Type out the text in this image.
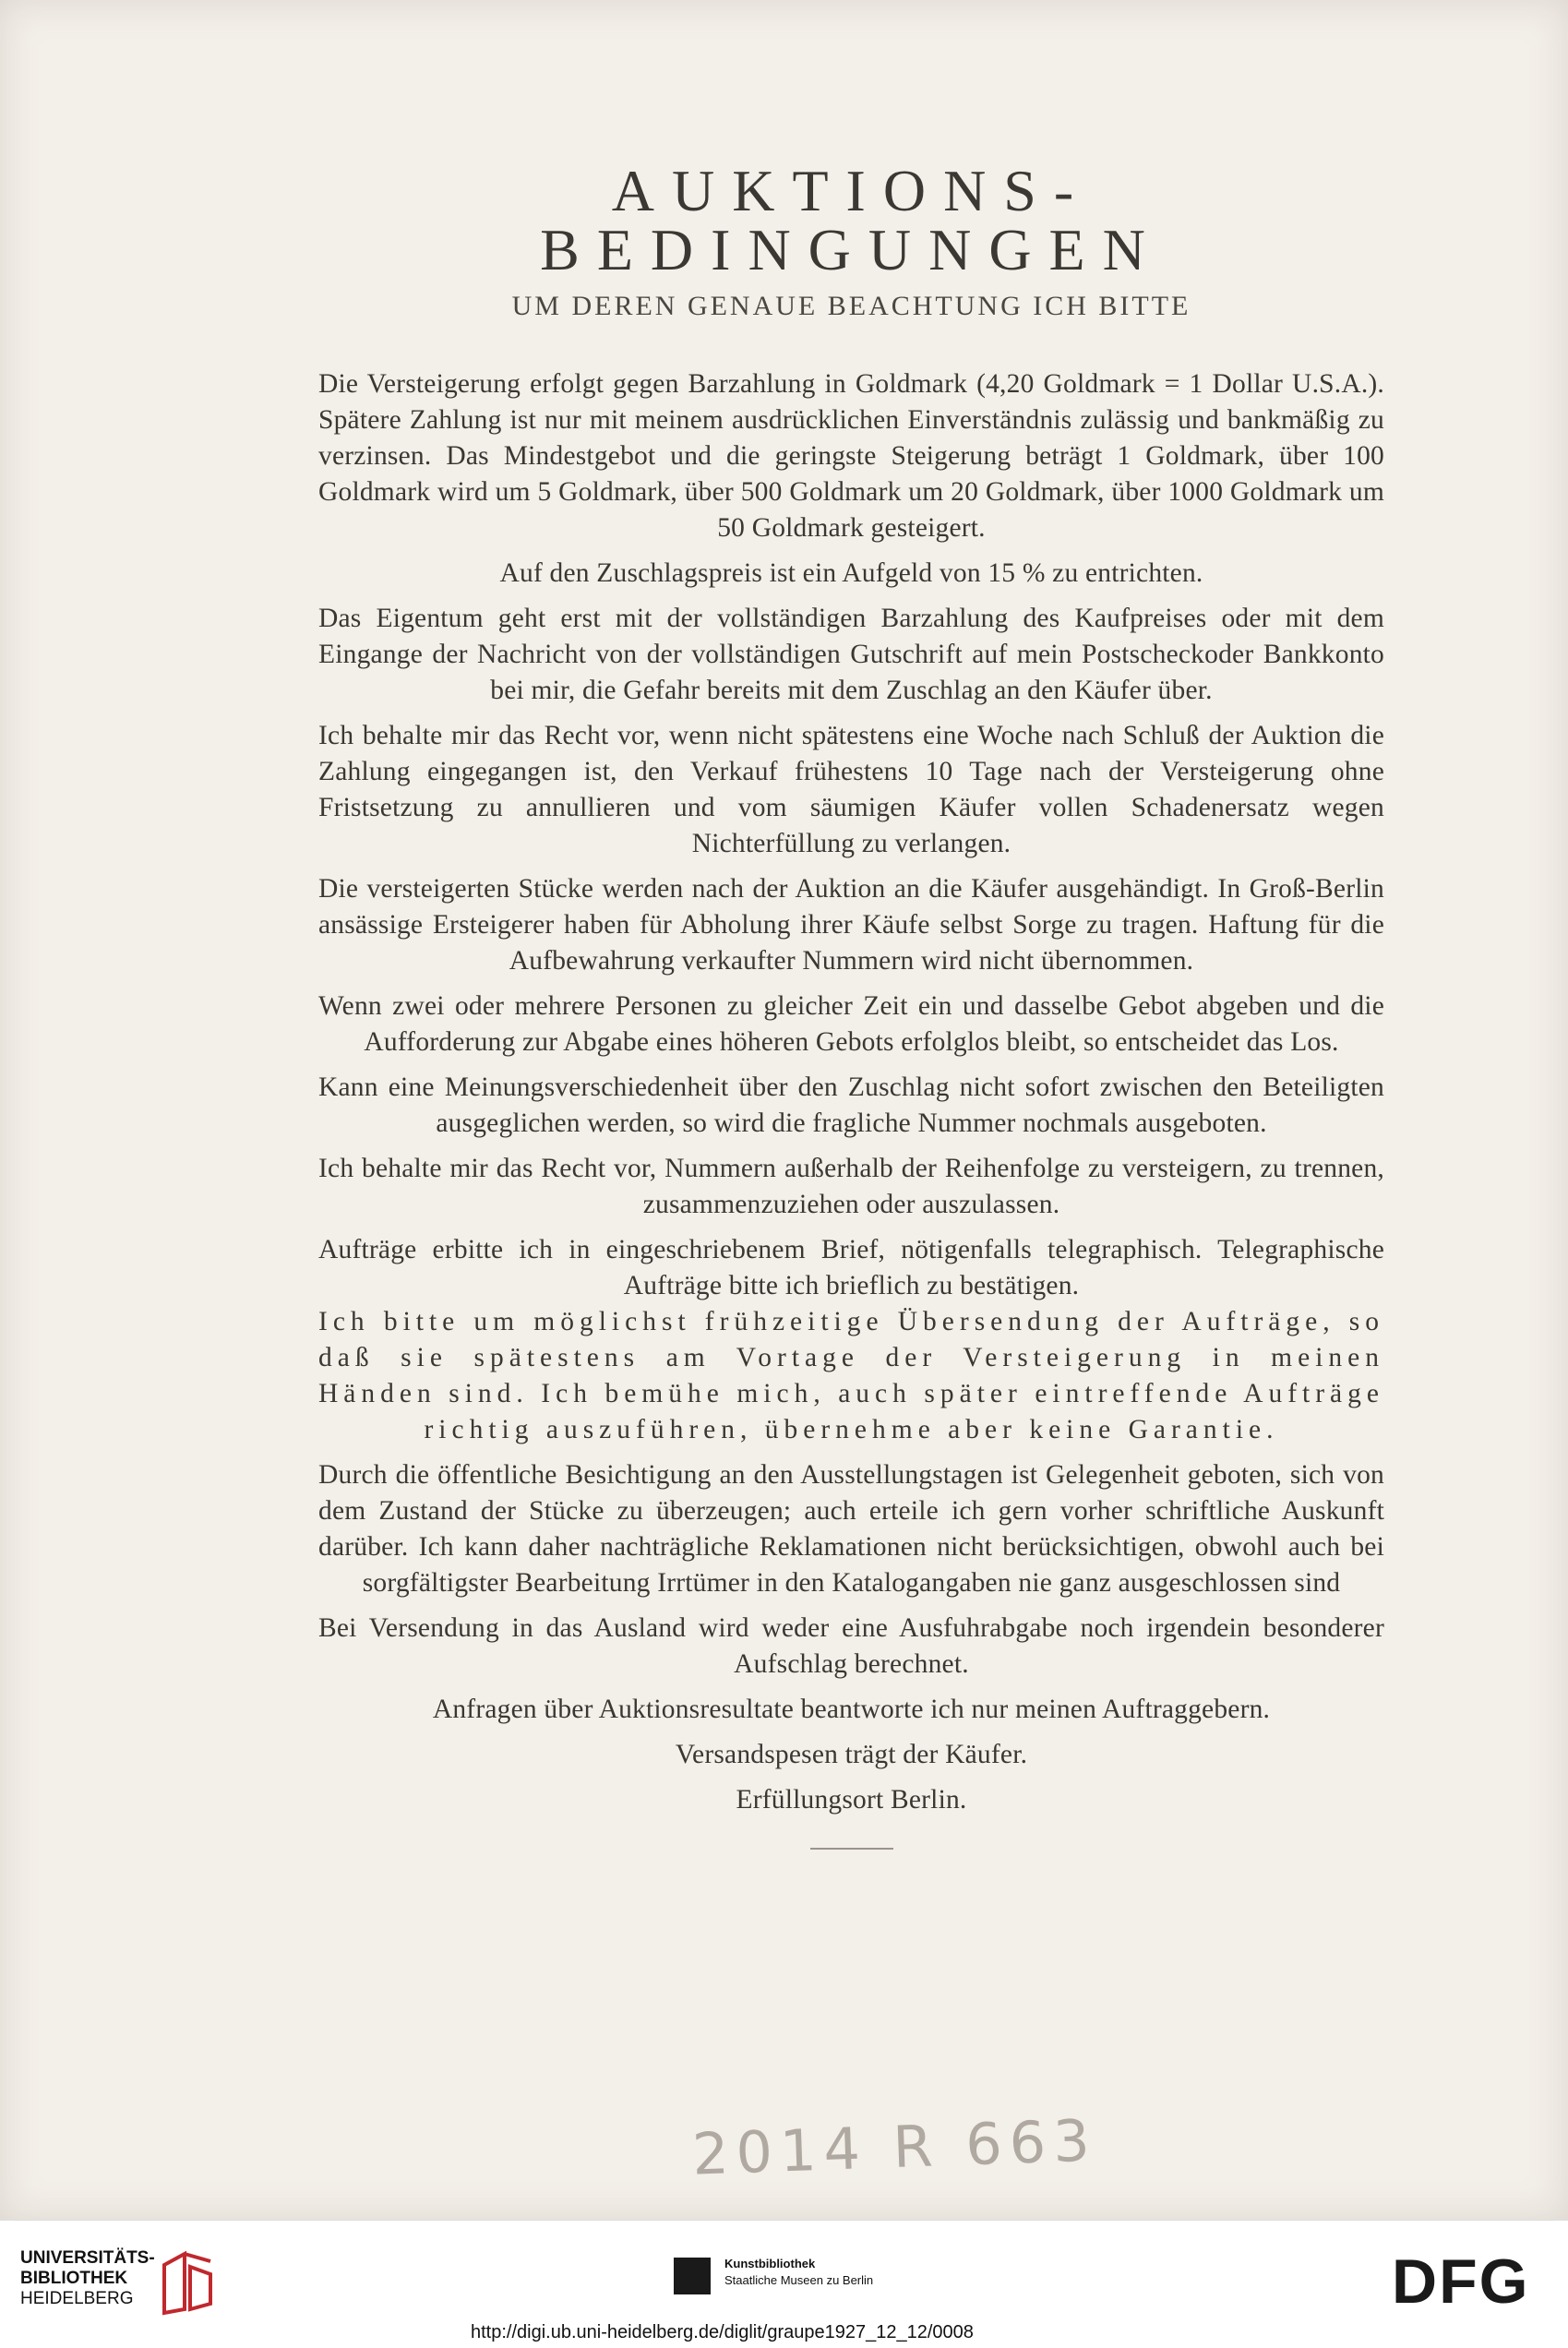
AUKTIONS-BEDINGUNGEN
UM DEREN GENAUE BEACHTUNG ICH BITTE

Die Versteigerung erfolgt gegen Barzahlung in Goldmark (4,20 Goldmark = 1 Dollar U.S.A.). Spätere Zahlung ist nur mit meinem ausdrücklichen Einverständnis zulässig und bankmäßig zu verzinsen. Das Mindestgebot und die geringste Steigerung beträgt 1 Goldmark, über 100 Goldmark wird um 5 Goldmark, über 500 Goldmark um 20 Goldmark, über 1000 Goldmark um 50 Goldmark gesteigert.

Auf den Zuschlagspreis ist ein Aufgeld von 15 % zu entrichten.

Das Eigentum geht erst mit der vollständigen Barzahlung des Kaufpreises oder mit dem Eingange der Nachricht von der vollständigen Gutschrift auf mein Postscheckoder Bankkonto bei mir, die Gefahr bereits mit dem Zuschlag an den Käufer über.

Ich behalte mir das Recht vor, wenn nicht spätestens eine Woche nach Schluß der Auktion die Zahlung eingegangen ist, den Verkauf frühestens 10 Tage nach der Versteigerung ohne Fristsetzung zu annullieren und vom säumigen Käufer vollen Schadenersatz wegen Nichterfüllung zu verlangen.

Die versteigerten Stücke werden nach der Auktion an die Käufer ausgehändigt. In Groß-Berlin ansässige Ersteigerer haben für Abholung ihrer Käufe selbst Sorge zu tragen. Haftung für die Aufbewahrung verkaufter Nummern wird nicht übernommen.

Wenn zwei oder mehrere Personen zu gleicher Zeit ein und dasselbe Gebot abgeben und die Aufforderung zur Abgabe eines höheren Gebots erfolglos bleibt, so entscheidet das Los.

Kann eine Meinungsverschiedenheit über den Zuschlag nicht sofort zwischen den Beteiligten ausgeglichen werden, so wird die fragliche Nummer nochmals ausgeboten.

Ich behalte mir das Recht vor, Nummern außerhalb der Reihenfolge zu versteigern, zu trennen, zusammenzuziehen oder auszulassen.

Aufträge erbitte ich in eingeschriebenem Brief, nötigenfalls telegraphisch. Telegraphische Aufträge bitte ich brieflich zu bestätigen.

Ich bitte um möglichst frühzeitige Übersendung der Aufträge, so daß sie spätestens am Vortage der Versteigerung in meinen Händen sind. Ich bemühe mich, auch später eintreffende Aufträge richtig auszuführen, übernehme aber keine Garantie.

Durch die öffentliche Besichtigung an den Ausstellungstagen ist Gelegenheit geboten, sich von dem Zustand der Stücke zu überzeugen; auch erteile ich gern vorher schriftliche Auskunft darüber. Ich kann daher nachträgliche Reklamationen nicht berücksichtigen, obwohl auch bei sorgfältigster Bearbeitung Irrtümer in den Katalogangaben nie ganz ausgeschlossen sind

Bei Versendung in das Ausland wird weder eine Ausfuhrabgabe noch irgendein besonderer Aufschlag berechnet.

Anfragen über Auktionsresultate beantworte ich nur meinen Auftraggebern.

Versandspesen trägt der Käufer.

Erfüllungsort Berlin.

2014 R 663
UNIVERSITÄTS-
BIBLIOTHEK
HEIDELBERG
Kunstbibliothek
Staatliche Museen zu Berlin	DFG
http://digi.ub.uni-heidelberg.de/diglit/graupe1927_12_12/0008
